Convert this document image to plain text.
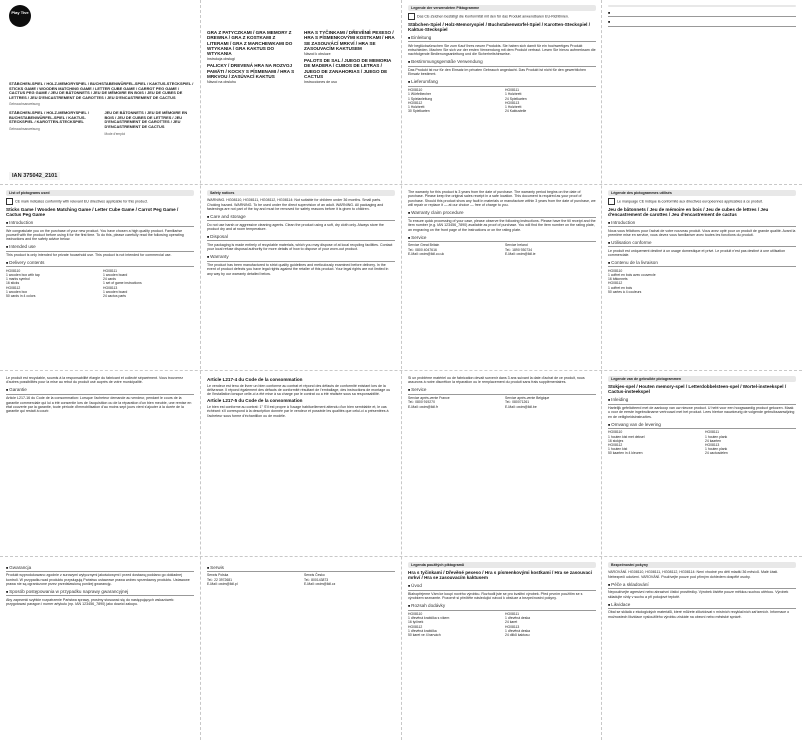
Play Tive
STÄBCHEN-SPIEL / HOLZ-MEMORYSPIEL / BUCHSTABENWÜRFEL-SPIEL / KAKTUS-STECKSPIEL / STICKS GAME / WOODEN MATCHING GAME / LETTER CUBE GAME / CARROT PEG GAME / CACTUS PEG GAME / JEU DE BÂTONNETS / JEU DE MÉMOIRE EN BOIS / JEU DE CUBES DE LETTRES / JEU D'ENCASTREMENT DE CAROTTES / JEU D'ENCASTREMENT DE CACTUS
Gebrauchsanweisung
STÄBCHEN-SPIEL / HOLZ-MEMORYSPIEL / BUCHSTABENWÜRFEL-SPIEL / KAKTUS-STECKSPIEL / KAROTTEN-STECKSPIEL
Gebrauchsanweisung
JEU DE BÂTONNETS / JEU DE MÉMOIRE EN BOIS / JEU DE CUBES DE LETTRES / JEU D'ENCASTREMENT DE CAROTTES / JEU D'ENCASTREMENT DE CACTUS
Mode d'emploi
IAN 375042_2101
GRA Z PATYCZKAMI / GRA MEMORY Z DREWNA / GRA Z KOSTKAMI Z LITERAMI / GRA Z MARCHEWKAMI DO WTYKANIA / GRA KAKTUS DO WTYKANIA
Instrukcja obsługi
PALICKY / DREVENÁ HRA NA ROZVOJ PAMÄTI / KOCKY S PÍSMENAMI / HRA S MRKVOU / ZASÚVACÍ KAKTUS
Návod na obsluhu
HRA S TYČINKAMI / DŘEVĚNÉ PEXESO / HRA S PÍSMENKOVÝMI KOSTKAMI / HRA SE ZASOUVÁCÍ MRKVÍ / HRA SE ZASOUVACÍM KAKTUSEM
Návod k obsluze
PALOTS DE SAL / JUEGO DE MEMORIA DE MADERA / CUBOS DE LETRAS / JUEGO DE ZANAHORIAS / JUEGO DE CACTUS
Instrucciones de uso
Legende der verwendeten Piktogramme
Das CE-Zeichen bestätigt die Konformität mit den für das Produkt anwendbaren EU-Richtlinien.
Stäbchen-Spiel / Holz-Memoryspiel / Buchstabenwürfel-Spiel / Karotten-Steckspiel / Kaktus-Steckspiel
■ Einleitung
Wir beglückwünschen Sie zum Kauf Ihres neuen Produkts. Sie haben sich damit für ein hochwertiges Produkt entschieden. Machen Sie sich vor der ersten Verwendung mit dem Produkt vertraut. Lesen Sie hierzu aufmerksam die nachfolgende Bedienungsanleitung und die Sicherheitshinweise.
■ Bestimmungsgemäße Verwendung
Das Produkt ist nur für den Einsatz im privaten Gebrauch angedacht. Das Produkt ist nicht für den gewerblichen Einsatz bestimmt.
■ Lieferumfang
HG08110
1 Würfelbecher
1 Spielanleitung
HG08112
1 Holzbrett
30 Spielkarten
HG08111
1 Holzbrett
24 Spielkarten
HG08113
1 Holzbrett
24 Kaktusteile
■
■
List of pictograms used
CE mark indicates conformity with relevant EU directives applicable for this product.
Sticks Game / Wooden Matching Game / Letter Cube Game / Carrot Peg Game / Cactus Peg Game
■ Introduction
We congratulate you on the purchase of your new product. You have chosen a high quality product. Familiarise yourself with the product before using it for the first time. To do this, please carefully read the following operating instructions and the safety advice below.
■ Intended use
This product is only intended for private household use. This product is not intended for commercial use.
■ Delivery contents
HG08110
1 wooden box with tap
1 marks symbol
16 sticks
HG08112
1 wooden box
50 cards in 4 colors
HG08111
1 wooden board
24 cards
1 set of game instructions
HG08113
1 wooden board
24 cactus parts
Safety notices
WARNING. HG08110, HG08111, HG08112, HG08114: Not suitable for children under 36 months. Small parts. Choking hazard. WARNING. To be used under the direct supervision of an adult. WARNING. All packaging and fastenings are not part of the toy and must be removed for safety reasons before it is given to children.
■ Care and storage
Do not use harsh or aggressive cleaning agents. Clean the product using a soft, dry cloth only. Always store the product dry and at room temperature.
■ Disposal
The packaging is made entirely of recyclable materials, which you may dispose of at local recycling facilities. Contact your local refuse disposal authority for more details of how to dispose of your worn-out product.
■ Warranty
The product has been manufactured to strict quality guidelines and meticulously examined before delivery. In the event of product defects you have legal rights against the retailer of this product. Your legal rights are not limited in any way by our warranty detailed below.
The warranty for this product is 3 years from the date of purchase. The warranty period begins on the date of purchase. Please keep the original sales receipt in a safe location. This document is required as your proof of purchase. Should this product show any fault in materials or manufacture within 3 years from the date of purchase, we will repair or replace it — at our choice — free of charge to you.
■ Warranty claim procedure
To ensure quick processing of your case, please observe the following instructions. Please have the till receipt and the item number (e.g. IAN 123456_7890) available as proof of purchase. You will find the item number on the rating plate, an engraving on the front page of the instructions or on the rating plate.
■ Service
Service Great Britain
Tel.: 0800 4047616
E-Mail: owim@lidl.co.uk
Service Ireland
Tel.: 1890 930734
E-Mail: owim@lidl.ie
Légende des pictogrammes utilisés
Le marquage CE indique la conformité aux directives européennes applicables à ce produit.
Jeu de bâtonnets / Jeu de mémoire en bois / Jeu de cubes de lettres / Jeu d'encastrement de carottes / Jeu d'encastrement de cactus
■ Introduction
Nous vous félicitons pour l'achat de votre nouveau produit. Vous avez opté pour un produit de grande qualité. Avant la première mise en service, vous devez vous familiariser avec toutes les fonctions du produit.
■ Utilisation conforme
Le produit est uniquement destiné à un usage domestique et privé. Le produit n'est pas destiné à une utilisation commerciale.
■ Contenu de la livraison
HG08110
1 coffret en bois avec couvercle
16 bâtonnets
HG08112
1 coffret en bois
50 cartes à 4 couleurs
Le produit est recyclable, soumis à la responsabilité élargie du fabricant et collecté séparément. Vous trouverez d'autres possibilités pour la mise au rebut du produit usé auprès de votre municipalité.
■ Garantie
Article L217-16 du Code de la consommation: Lorsque l'acheteur demande au vendeur, pendant le cours de la garantie commerciale qui lui a été consentie lors de l'acquisition ou de la réparation d'un bien meuble, une remise en état couverte par la garantie, toute période d'immobilisation d'au moins sept jours vient s'ajouter à la durée de la garantie qui restait à courir.
Article L217-4 du Code de la consommation
Le vendeur est tenu de livrer un bien conforme au contrat et répond des défauts de conformité existant lors de la délivrance. Il répond également des défauts de conformité résultant de l'emballage, des instructions de montage ou de l'installation lorsque celle-ci a été mise à sa charge par le contrat ou a été réalisée sous sa responsabilité.
Article L217-5 du Code de la consommation
Le bien est conforme au contrat: 1° S'il est propre à l'usage habituellement attendu d'un bien semblable et, le cas échéant: s'il correspond à la description donnée par le vendeur et possède les qualités que celui-ci a présentées à l'acheteur sous forme d'échantillon ou de modèle.
Si un problème matériel ou de fabrication devait survenir dans 3 ans suivant la date d'achat de ce produit, nous assurons à notre discrétion la réparation ou le remplacement du produit sans frais supplémentaires.
■ Service
Service après-vente France
Tel.: 0800 919270
E-Mail: owim@lidl.fr
Service après-vente Belgique
Tel.: 080071261
E-Mail: owim@lidl.be
Legende van de gebruikte pictogrammen
Stokjes-spel / Houten memory-spel / Letterdobbelsteen-spel / Wortel-insteekspel / Cactus-insteekspel
■ Inleiding
Hartelijk gefeliciteerd met de aankoop van uw nieuwe product. U hebt voor een hoogwaardig product gekozen. Maak u voor de eerste ingebruikname vertrouwd met het product. Lees hiertoe nauwkeurig de volgende gebruiksaanwijzing en de veiligheidsinstructies.
■ Omvang van de levering
HG08110
1 houten kist met deksel
16 stokjes
HG08112
1 houten kist
50 kaarten in 4 kleuren
HG08111
1 houten plank
24 kaarten
HG08113
1 houten plank
24 cactusdelen
■ Gwarancja
Produkt wyprodukowano zgodnie z surowymi wytycznymi jakościowymi i przed dostawą poddano go dokładnej kontroli. W przypadku wad produktu przysługują Państwu ustawowe prawa wobec sprzedawcy produktu. Ustawowe prawa nie są ograniczone przez przedstawioną poniżej gwarancję.
■ Sposób postępowania w przypadku naprawy gwarancyjnej
Aby zapewnić szybkie rozpatrzenie Państwa sprawy, prosimy stosować się do następujących wskazówek: przygotować paragon i numer artykułu (np. IAN 123456_7890) jako dowód zakupu.
■ Serwis
Serwis Polska
Tel.: 22 3972681
E-Mail: owim@lidl.pl
Serwis Česko
Tel.: 800143873
E-Mail: owim@lidl.cz
Legenda použitých piktogramů
Hra s tyčinkami / Dřevěné pexeso / Hra s písmenkovými kostkami / Hra se zasouvací mrkví / Hra se zasouvacím kaktusem
■ Úvod
Blahopřejeme Vám ke koupi nového výrobku. Rozhodli jste se pro kvalitní výrobek. Před prvním použitím se s výrobkem seznamte. Pozorně si přečtěte následující návod k obsluze a bezpečnostní pokyny.
■ Rozsah dodávky
HG08110
1 dřevěná krabička s víkem
16 tyčinek
HG08112
1 dřevěná krabička
50 karet ve 4 barvách
HG08111
1 dřevěná deska
24 karet
HG08113
1 dřevěná deska
24 dílků kaktusu
Bezpečnostní pokyny
VAROVÁNÍ. HG08110, HG08111, HG08112, HG08114: Není vhodné pro děti mladší 36 měsíců. Malé části. Nebezpečí udušení. VAROVÁNÍ. Používejte pouze pod přímým dohledem dospělé osoby.
■ Péče a skladování
Nepoužívejte agresivní nebo abrazivní čisticí prostředky. Výrobek čistěte pouze měkkou suchou utěrkou. Výrobek skladujte vždy v suchu a při pokojové teplotě.
■ Likvidace
Obal se skládá z ekologických materiálů, které můžete zlikvidovat v místních recyklačních zařízeních. Informace o možnostech likvidace vysloužilého výrobku získáte na obecní nebo městské správě.
